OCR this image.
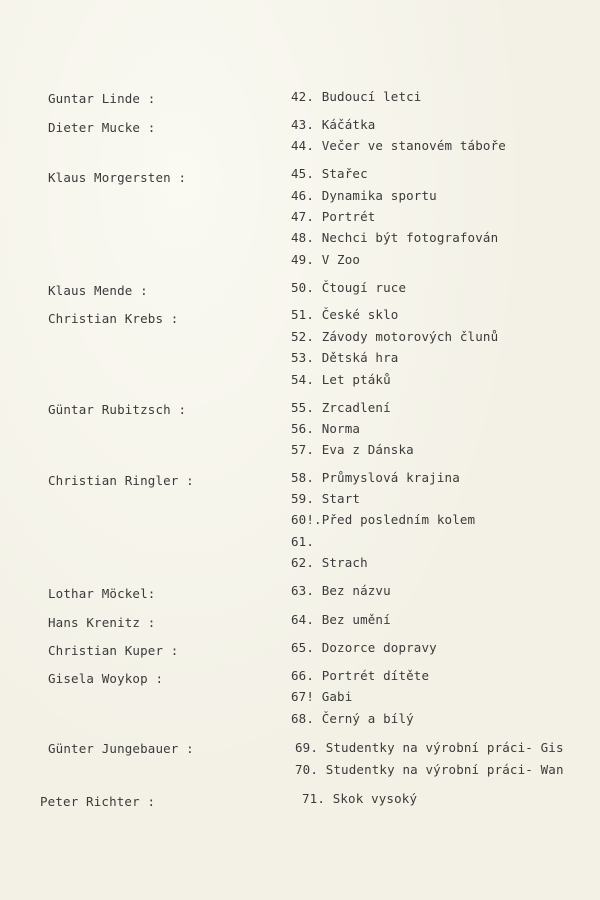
Guntar Linde :	42. Budoucí letci
Dieter Mucke :	43. Káčátka
44. Večer ve stanovém táboře
Klaus Morgersten :	45. Stařec
46. Dynamika sportu
47. Portrét
48. Nechci být fotografován
49. V Zoo
Klaus Mende :	50. Čtougí ruce
Christian Krebs :	51. České sklo
52. Závody motorových člunů
53. Dětská hra
54. Let ptáků
Güntar Rubitzsch :	55. Zrcadlení
56. Norma
57. Eva z Dánska
Christian Ringler :	58. Průmyslová krajina
59. Start
60!.Před posledním kolem
61.
62. Strach
Lothar Möckel:	63. Bez názvu
Hans Krenitz :	64. Bez umění
Christian Kuper :	65. Dozorce dopravy
Gisela Woykop :	66. Portrét dítěte
67! Gabi
68. Černý a bílý
Günter Jungebauer :	69. Studentky na výrobní práci- Gis
70. Studentky na výrobní práci- Wan
Peter Richter :	71. Skok vysoký
